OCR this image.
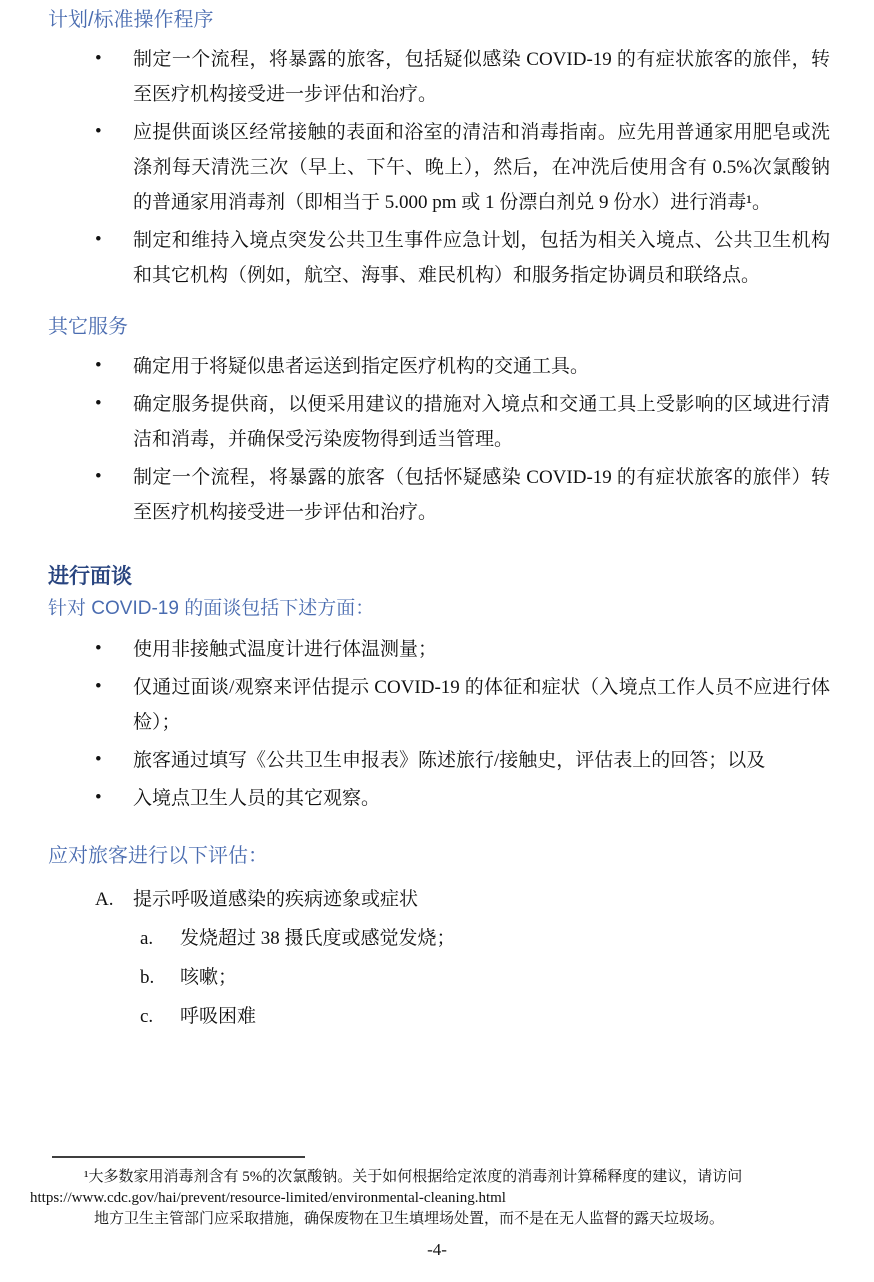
计划/标准操作程序
• 制定一个流程，将暴露的旅客，包括疑似感染 COVID-19 的有症状旅客的旅伴，转至医疗机构接受进一步评估和治疗。
• 应提供面谈区经常接触的表面和浴室的清洁和消毒指南。应先用普通家用肥皂或洗涤剂每天清洗三次（早上、下午、晚上），然后，在冲洗后使用含有 0.5%次氯酸钠的普通家用消毒剂（即相当于 5.000 pm 或 1 份漂白剂兑 9 份水）进行消毒¹。
• 制定和维持入境点突发公共卫生事件应急计划，包括为相关入境点、公共卫生机构和其它机构（例如，航空、海事、难民机构）和服务指定协调员和联络点。
其它服务
• 确定用于将疑似患者运送到指定医疗机构的交通工具。
• 确定服务提供商，以便采用建议的措施对入境点和交通工具上受影响的区域进行清洁和消毒，并确保受污染废物得到适当管理。
• 制定一个流程，将暴露的旅客（包括怀疑感染 COVID-19 的有症状旅客的旅伴）转至医疗机构接受进一步评估和治疗。
进行面谈

针对 COVID-19 的面谈包括下述方面：

• 使用非接触式温度计进行体温测量；
• 仅通过面谈/观察来评估提示 COVID-19 的体征和症状（入境点工作人员不应进行体检）；
• 旅客通过填写《公共卫生申报表》陈述旅行/接触史，评估表上的回答；以及
• 入境点卫生人员的其它观察。
应对旅客进行以下评估：
A. 提示呼吸道感染的疾病迹象或症状
a. 发烧超过 38 摄氏度或感觉发烧；
b. 咳嗽；
c. 呼吸困难

¹大多数家用消毒剂含有 5%的次氯酸钠。关于如何根据给定浓度的消毒剂计算稀释度的建议，请访问

https://www.cdc.gov/hai/prevent/resource-limited/environmental-cleaning.html

地方卫生主管部门应采取措施，确保废物在卫生填埋场处置，而不是在无人监督的露天垃圾场。

-4-
